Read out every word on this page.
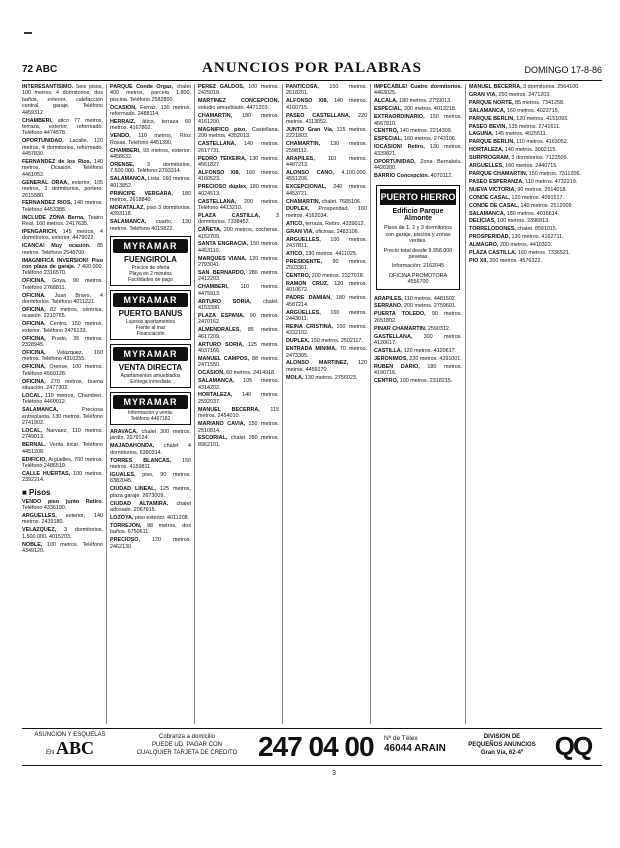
72 ABC	ANUNCIOS POR PALABRAS	DOMINGO 17-8-86

INTERESANTISIMO. Seis pisos, 100 metros. 4 dormitorios, dos baños, exterior, calefacción central, garaje. Teléfono 4459312.

CHAMBERI, atico 77 metros, terraza, exterior, reformado. Teléfono 4474578.

OPORTUNIDAD. Lacalle, 120 metros, 4 dormitorios, reformado. 4457830.

FERNANDEZ de los Ríos, 140 metros. Ocasión. Teléfono 4461052.

GENERAL ORAA, exterior, 105 metros, 3 dormitorios, portero. 2615580.

FERNANDEZ RIOS, 140 metros. Teléfono 4453388.

INCLUDE ZONA Berna, Teatro Real, 160 metros. 2417635.

IPENGARICH, 145 metros, 4 dormitorios, exterior. 4479022.

ICANCA! Muy ocasión. 85 metros. Teléfono 2548700.

IMAGNIFICA INVERSION! Piso con plaza de garaje. 7.400.000. Teléfono 2316570.

OFICINA, Goya, 90 metros. Teléfono 2768811.

OFICINA. Juan Bravo, 4 dormitorios. Teléfono 4011221.

OFICINA, 82 metros, céntrica, ocasión. 2210765.

OFICINA. Centro, 150 metros, exterior. Teléfono 2476133.

OFICINA, Prado, 35 metros. 2328945.

OFICINA, Velázquez, 160 metros. Teléfono 4310255.

OFICINA, Orense, 100 metros. Teléfono 4560128.

OFICINA, 270 metros, buena situación. 2477302.

LOCAL, 110 metros, Chamberí. Teléfono 4460012.

SALAMANCA, Preciosa entreplanta, 130 metros. Teléfono 2741902.

LOCAL, Narvaez, 110 metros. 2749013.

BERNAL. Venta local. Teléfono 4451208.

EDIFICIO, Argüelles, 700 metros. Teléfono 2486519.

CALLE HUERTAS, 100 metros. 2392214.

■ Pisos

VENDO piso junto Retiro. Teléfono 4336190.

ARGUELLES, exterior, 140 metros. 2439180.

VELAZQUEZ, 3 dormitorios, 1.500.000. 4015203.

NOBLE, 100 metros. Teléfono 4349120.

PARQUE Conde Orgaz, chalet 400 metros, parcela 1.800, piscina. Teléfono 2582800.

OCASION, Ferraz, 130 metros, reformado. 2488114.

HERRAIZ, ático, terraza 60 metros. 4167802.

VENDO, 110 metros, Ríos Rosas. Teléfono 4451390.

CHAMBERI, 93 metros, exterior. 4458632.

ORENSE, 3 dormitorios, 7.500.000. Teléfono 2793314.

SALAMANCA, Lista. 160 metros. 4013852.

PRINCIPE VERGARA, 180 metros. 2618840.

MORATALAZ, piso 3 dormitorios. 4393118.

SALAMANCA, cuarto, 130 metros. Teléfono 4015822.

MYRAMAR
FUENGIROLA
Precios de oferta
Playa en 2 minutos
Facilidades de pago
MYRAMAR
PUERTO BANUS
Lujosos apartamentos
Frente al mar
Financiación
MYRAMAR
VENTA DIRECTA
Apartamentos amueblados
Entrega inmediata
MYRAMAR
Información y venta:
Teléfono 4467182

ARAVACA, chalet 300 metros, jardín. 2079124.

MAJADAHONDA, chalet 4 dormitorios. 6380314.

TORRES BLANCAS, 150 metros. 4159811.

IGUALES, piso, 90 metros. 6382045.

CIUDAD LINEAL, 125 metros, plaza garaje. 2673009.

CIUDAD ALTAMIRA, chalet adosado. 2067915.

LOZOYA, piso exterior. 4011208.

TORREJON, 98 metros, dos baños. 6750611.

PRECIOSO, 120 metros. 2462130.

PEREZ GALDOS, 100 metros. 2425018.

MARTINEZ CONCEPCION, estudio amueblado. 4471203.

CHAMARTIN, 180 metros. 4161200.

MAGNIFICO piso, Castellana, 200 metros. 4352013.

CASTELLANA, 140 metros. 2617731.

PEDRO TEIXEIRA, 130 metros. 4561827.

ALFONSO XIII, 160 metros. 4160523.

PRECIOSO dúplex, 180 metros. 4024513.

CASTELLANA, 200 metros. Teléfono 4413210.

PLAZA CASTILLA, 3 dormitorios. 7338452.

CAÑETA, 200 metros, cocheras. 4152709.

SANTA ENGRACIA, 150 metros. 4453110.

MARQUES VIANA, 120 metros. 2793041.

SAN BERNARDO, 280 metros. 2412203.

CHAMBERI, 110 metros. 4475913.

ARTURO SORIA, chalet. 4153390.

PLAZA ESPANA, 90 metros. 2470162.

ALMENDRALES, 85 metros. 4617209.

ARTURO SORIA, 125 metros. 4037166.

MANUEL CAMPOS, 88 metros. 2471550.

OCASION, 60 metros. 2414918.

SALAMANCA, 105 metros. 4314202.

HORTALEZA, 140 metros. 2592037.

MANUEL BECERRA, 115 metros. 2454010.

MARIANO CAVIA, 150 metros. 2510814.

ESCORIAL, chalet 280 metros. 8962101.

PANTICOSA, 150 metros. 2618201.

ALFONSO XIII, 140 metros. 4160715.

PASEO CASTELLANA, 220 metros. 4113052.

JUNTO Gran Vía, 115 metros. 2221803.

CHAMARTIN, 130 metros. 2598112.

ARAPILES, 110 metros. 4487213.

ALONSO CANO, 4.100.000. 4551206.

EXCEPCIONAL, 240 metros. 4453721.

CHAMARTIN, chalet. 7685106.

DUPLEX, Prosperidad, 160 metros. 4162034.

ATICO, terraza, Retiro. 4339012.

GRAN VIA, oficinas. 2483106.

ARGUELLES, 100 metros. 2437811.

ATICO, 130 metros. 4411025.

PRESIDENTE, 90 metros. 2503361.

CENTRO, 200 metros. 2327018.

RAMON CRUZ, 120 metros. 4010672.

PADRE DAMIAN, 180 metros. 4587214.

ARGÜELLES, 160 metros. 2443011.

REINA CRISTINA, 150 metros. 4332102.

DUPLEX, 150 metros. 2502117.

ENTRADA MINIMA, 70 metros. 2473305.

ALONSO MARTINEZ, 120 metros. 4459170.

MOLA, 130 metros. 2756023.

IMPECABLE! Cuatro dormitorios. 4463025.

ALCALA, 180 metros. 2759013.

ESPECIAL, 200 metros. 4013218.

EXTRAORDINARIO, 150 metros. 4567810.

CENTRO, 140 metros. 2214309.

ESPECIAL, 160 metros. 2743106.

IOCASION! Retiro, 130 metros. 4339821.

OPORTUNIDAD, Zona Bernabéu. 4426300.

BARRIO Concepción. 4070112.

PUERTO HIERRO
Edificio Parque Almonte
Pisos de 1, 2 y 3 dormitorios con garaje, piscina y zonas verdes.
Precio total desde 9.958.000 pesetas
Información: 2162045
OFICINA PROMOTORA 4556700

ARAPILES, 110 metros. 4481502.

SERRANO, 200 metros. 2759601.

PUERTA TOLEDO, 90 metros. 2651802.

PINAR CHAMARTIN. 2590312.

GASTELLANA, 300 metros. 4120617.

CASTILLA, 120 metros. 4120617.

JERONIMOS, 220 metros. 4291001.

RUBEN DARIO, 180 metros. 4190716.

CENTRO, 100 metros. 2318215.

MANUEL BECERRA, 3 dormitorios. 2564100.

GRAN VIA, 250 metros. 2471203.

PARQUE NORTE, 85 metros. 7341258.

SALAMANCA, 160 metros. 4023715.

PARQUE BERLIN, 120 metros. 4151093.

PASEO BEVIN, 135 metros. 2741611.

LAGUNA, 145 metros. 4025511.

PARQUE BERLIN, 110 metros. 4163052.

HORTALEZA, 140 metros. 3002115.

SURPROGRAM, 3 dormitorios. 7123509.

ARGUELLES, 160 metros. 2440715.

PARQUE CHAMARTIN, 150 metros. 7311206.

PASEO ESPERANZA, 110 metros. 4732219.

NUEVA VICTORIA, 90 metros. 2514018.

CONDE CASAL, 120 metros. 4091517.

CONDE DE CASAL, 140 metros. 2512009.

SALAMANCA, 180 metros. 4016614.

DELICIAS, 100 metros. 2396813.

TORRELODONES, chalet. 8591015.

PROSPERIDAD, 130 metros. 4162711.

ALMAGRO, 200 metros. 4410322.

PLAZA CASTILLA, 160 metros. 7336521.

PIO XII, 200 metros. 4576322.

ASUNCION Y ESQUELAS
EN ABC
Cobranza a domicilio
PUEDE UD. PAGAR CON
CUALQUIER TARJETA DE CREDITO 247 04 00 Nº de Télex
46044 ARAIN
DIVISION DE
PEQUEÑOS ANUNCIOS
Gran Vía, 62-4º	QQ
3
